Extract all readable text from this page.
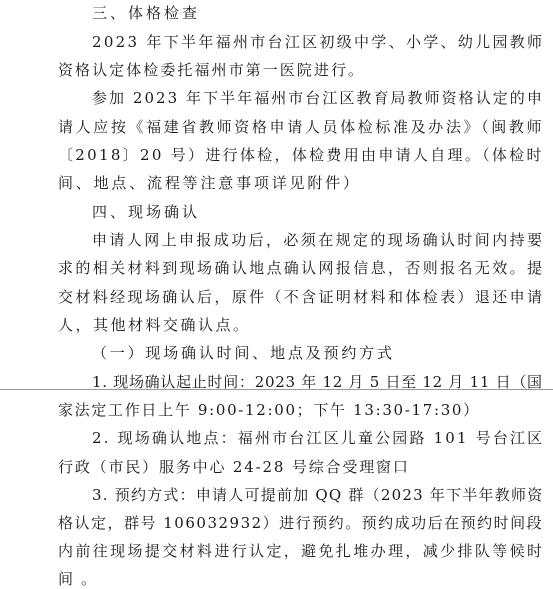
三、体格检查
2023 年下半年福州市台江区初级中学、小学、幼儿园教师
资格认定体检委托福州市第一医院进行。
参加 2023 年下半年福州市台江区教育局教师资格认定的申
请人应按《福建省教师资格申请人员体检标准及办法》（闽教师
〔2018〕20 号）进行体检，体检费用由申请人自理。（体检时
间、地点、流程等注意事项详见附件）
四、现场确认
申请人网上申报成功后，必须在规定的现场确认时间内持要
求的相关材料到现场确认地点确认网报信息，否则报名无效。提
交材料经现场确认后，原件（不含证明材料和体检表）退还申请
人，其他材料交确认点。
（一）现场确认时间、地点及预约方式
1. 现场确认起止时间：2023 年 12 月 5 日至 12 月 11 日（国
家法定工作日上午 9:00-12:00；下午 13:30-17:30）
2. 现场确认地点：福州市台江区儿童公园路 101 号台江区
行政（市民）服务中心 24-28 号综合受理窗口
3. 预约方式：申请人可提前加 QQ 群（2023 年下半年教师资
格认定，群号 106032932）进行预约。预约成功后在预约时间段
内前往现场提交材料进行认定，避免扎堆办理，减少排队等候时
间。
